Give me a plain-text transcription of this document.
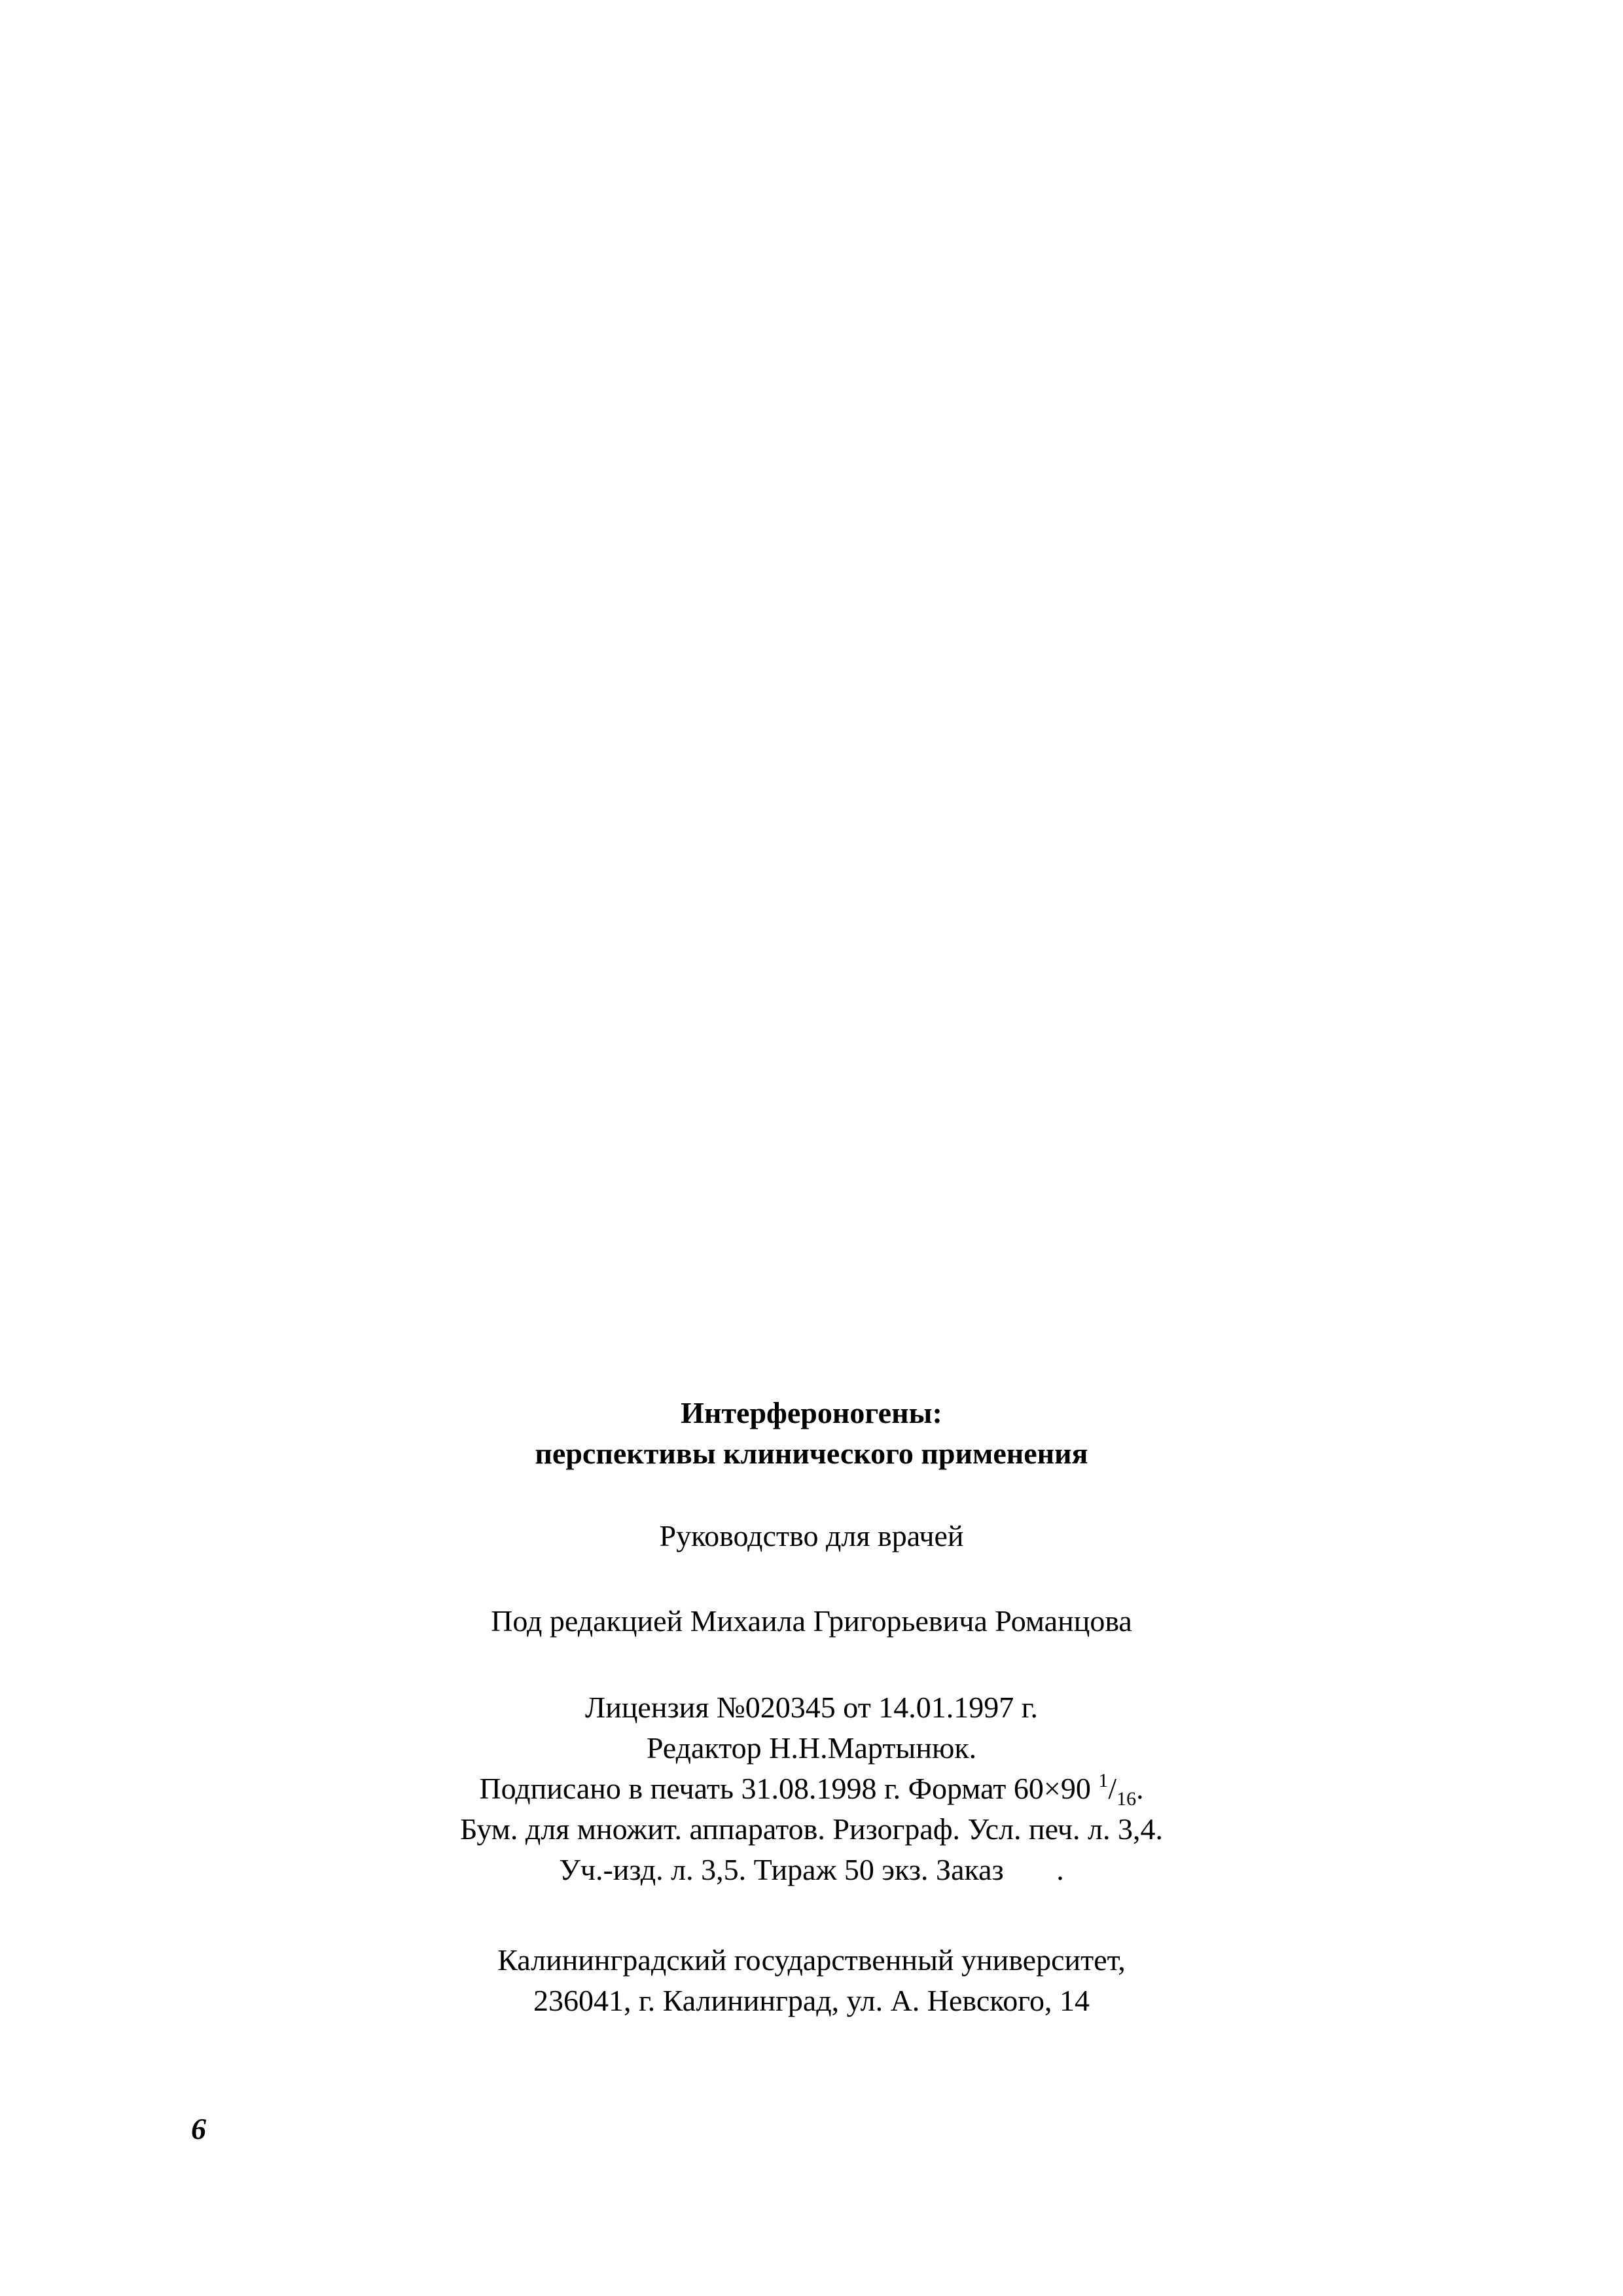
Интерфероногены:
перспективы клинического применения
Руководство для врачей
Под редакцией Михаила Григорьевича Романцова
Лицензия №020345 от 14.01.1997 г.
Редактор Н.Н.Мартынюк.
Подписано в печать 31.08.1998 г. Формат 60×90 $^1/_{16}$.
Бум. для множит. аппаратов. Ризограф. Усл. печ. л. 3,4.
Уч.-изд. л. 3,5. Тираж 50 экз. Заказ       .
Калининградский государственный университет,
236041, г. Калининград, ул. А. Невского, 14
6
